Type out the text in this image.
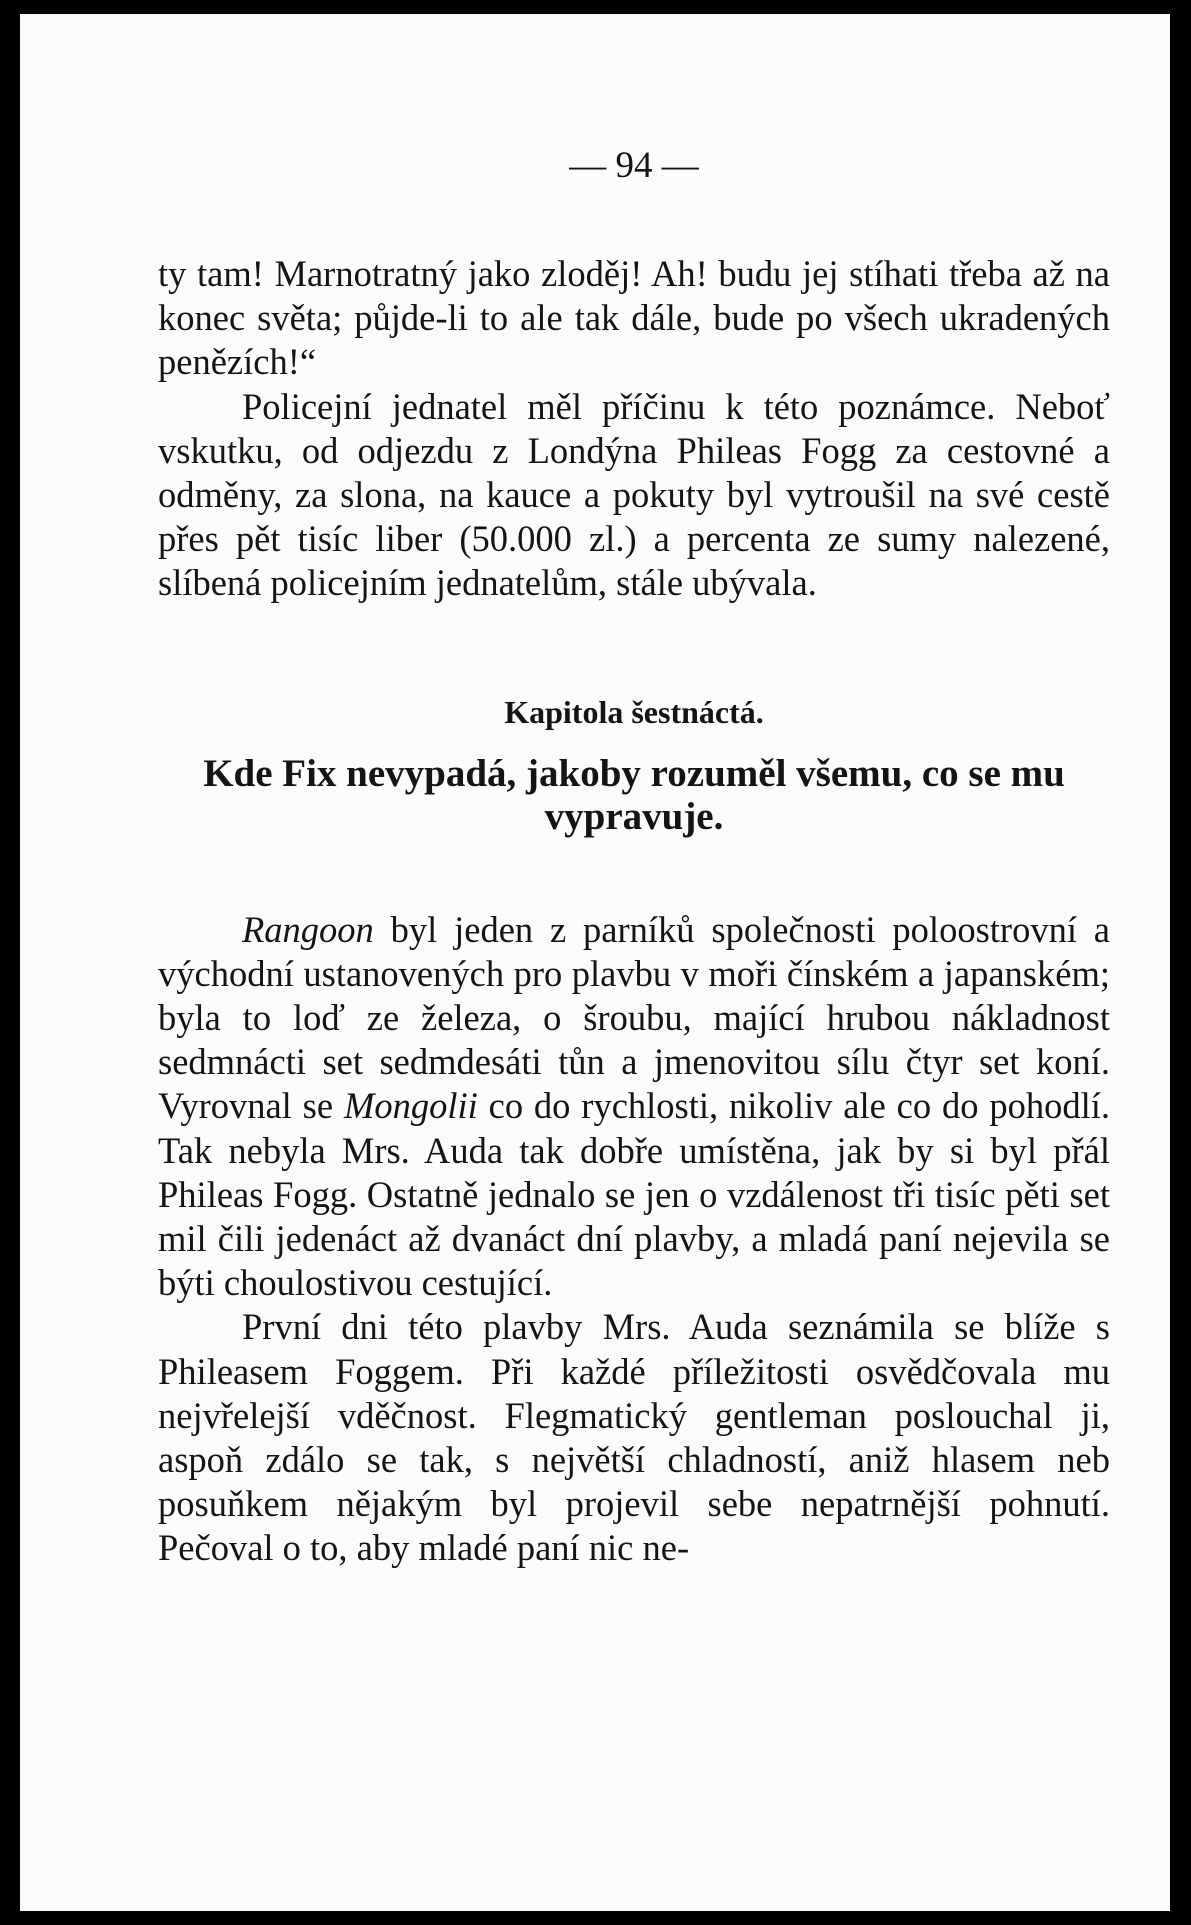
— 94 —

ty tam! Marnotratný jako zloděj! Ah! budu jej stíhati třeba až na konec světa; půjde-li to ale tak dále, bude po všech ukradených penězích!“

Policejní jednatel měl příčinu k této poznámce. Neboť vskutku, od odjezdu z Londýna Phileas Fogg za cestovné a odměny, za slona, na kauce a pokuty byl vytroušil na své cestě přes pět tisíc liber (50.000 zl.) a percenta ze sumy nalezené, slíbená policejním jednatelům, stále ubývala.

Kapitola šestnáctá.
Kde Fix nevypadá, jakoby rozuměl všemu, co se mu vypravuje.

Rangoon byl jeden z parníků společnosti poloostrovní a východní ustanovených pro plavbu v moři čínském a japanském; byla to loď ze železa, o šroubu, mající hrubou nákladnost sedmnácti set sedmdesáti tůn a jmenovitou sílu čtyr set koní. Vyrovnal se Mongolii co do rychlosti, nikoliv ale co do pohodlí. Tak nebyla Mrs. Auda tak dobře umístěna, jak by si byl přál Phileas Fogg. Ostatně jednalo se jen o vzdálenost tři tisíc pěti set mil čili jedenáct až dvanáct dní plavby, a mladá paní nejevila se býti choulostivou cestující.

První dni této plavby Mrs. Auda seznámila se blíže s Phileasem Foggem. Při každé příležitosti osvědčovala mu nejvřelejší vděčnost. Flegmatický gentleman poslouchal ji, aspoň zdálo se tak, s největší chladností, aniž hlasem neb posuňkem nějakým byl projevil sebe nepatrnější pohnutí. Pečoval o to, aby mladé paní nic ne-
